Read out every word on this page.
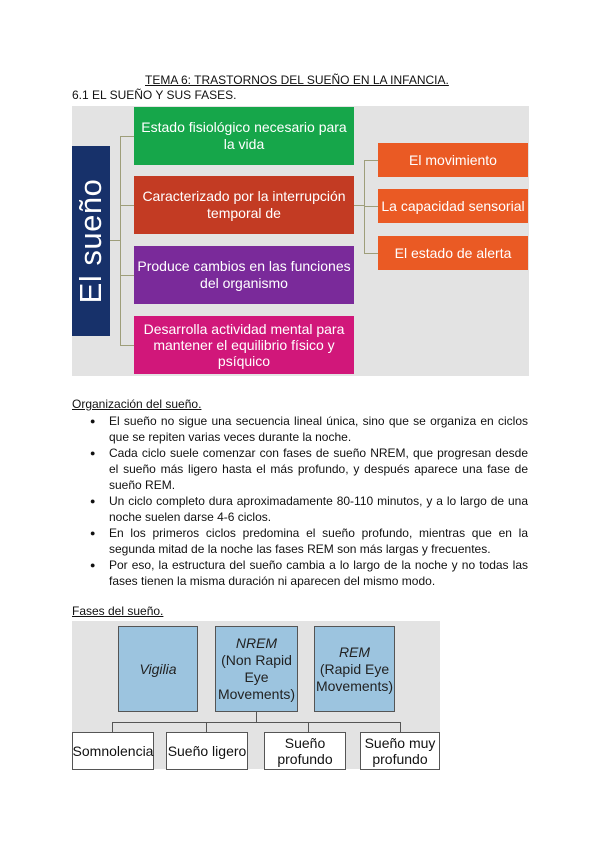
TEMA 6: TRASTORNOS DEL SUEÑO EN LA INFANCIA.
6.1 EL SUEÑO Y SUS FASES.
El sueño
Estado fisiológico necesario para la vida
Caracterizado por la interrupción temporal de
Produce cambios en las funciones del organismo
Desarrolla actividad mental para mantener el equilibrio físico y psíquico
El movimiento
La capacidad sensorial
El estado de alerta
Organización del sueño.
● El sueño no sigue una secuencia lineal única, sino que se organiza en ciclos que se repiten varias veces durante la noche.
● Cada ciclo suele comenzar con fases de sueño NREM, que progresan desde el sueño más ligero hasta el más profundo, y después aparece una fase de sueño REM.
● Un ciclo completo dura aproximadamente 80-110 minutos, y a lo largo de una noche suelen darse 4-6 ciclos.
● En los primeros ciclos predomina el sueño profundo, mientras que en la segunda mitad de la noche las fases REM son más largas y frecuentes.
● Por eso, la estructura del sueño cambia a lo largo de la noche y no todas las fases tienen la misma duración ni aparecen del mismo modo.
Fases del sueño.
Vigilia
NREM
(Non Rapid Eye Movements)
REM
(Rapid Eye Movements)
Somnolencia Sueño ligero	Sueño profundo
Sueño muy profundo
